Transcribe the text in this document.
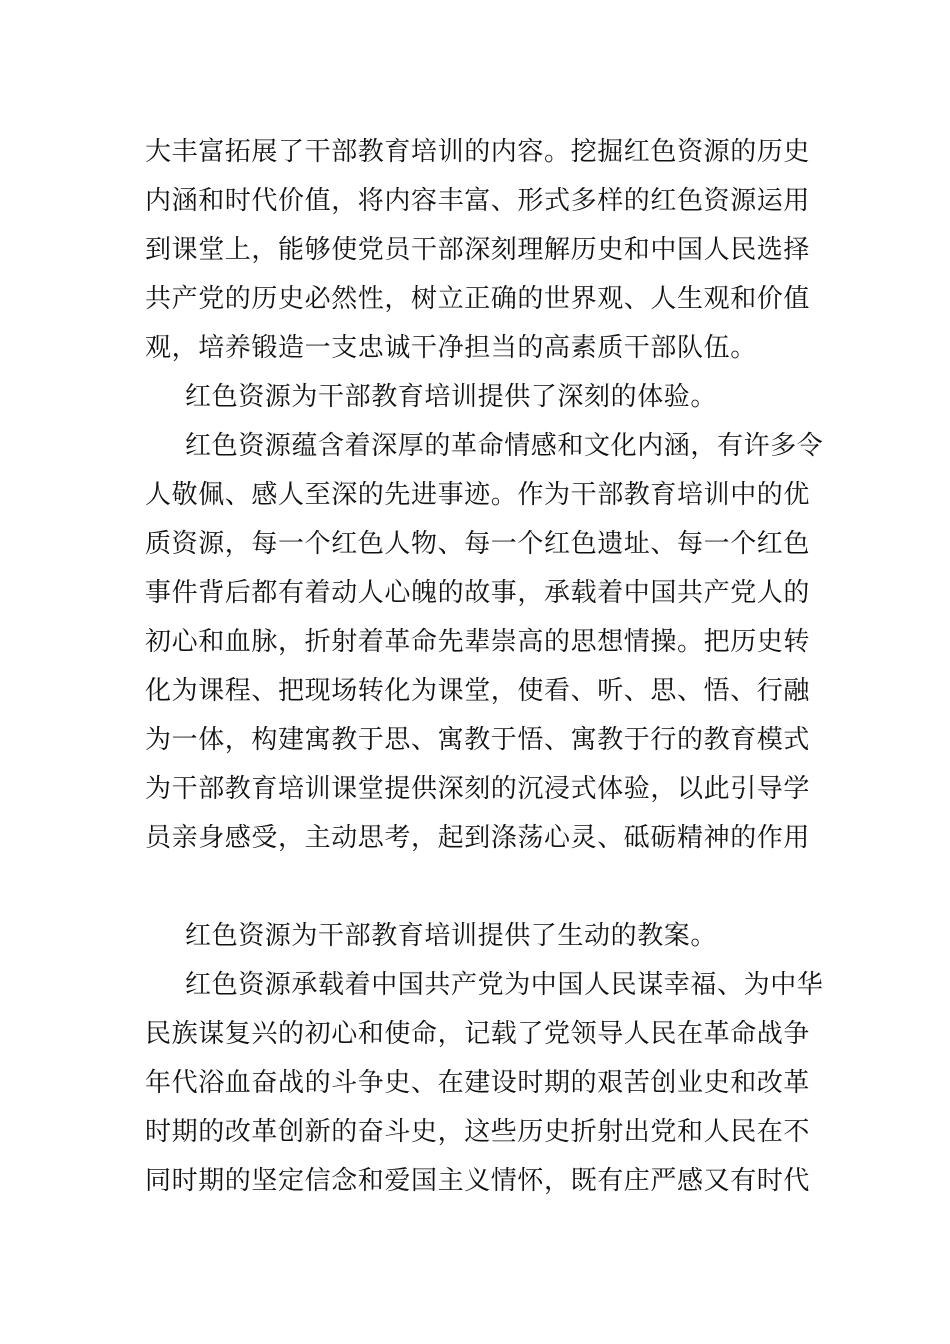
大丰富拓展了干部教育培训的内容。挖掘红色资源的历史
内涵和时代价值，将内容丰富、形式多样的红色资源运用
到课堂上，能够使党员干部深刻理解历史和中国人民选择
共产党的历史必然性，树立正确的世界观、人生观和价值
观，培养锻造一支忠诚干净担当的高素质干部队伍。
红色资源为干部教育培训提供了深刻的体验。
红色资源蕴含着深厚的革命情感和文化内涵，有许多令
人敬佩、感人至深的先进事迹。作为干部教育培训中的优
质资源，每一个红色人物、每一个红色遗址、每一个红色
事件背后都有着动人心魄的故事，承载着中国共产党人的
初心和血脉，折射着革命先辈崇高的思想情操。把历史转
化为课程、把现场转化为课堂，使看、听、思、悟、行融
为一体，构建寓教于思、寓教于悟、寓教于行的教育模式
为干部教育培训课堂提供深刻的沉浸式体验，以此引导学
员亲身感受，主动思考，起到涤荡心灵、砥砺精神的作用
红色资源为干部教育培训提供了生动的教案。
红色资源承载着中国共产党为中国人民谋幸福、为中华
民族谋复兴的初心和使命，记载了党领导人民在革命战争
年代浴血奋战的斗争史、在建设时期的艰苦创业史和改革
时期的改革创新的奋斗史，这些历史折射出党和人民在不
同时期的坚定信念和爱国主义情怀，既有庄严感又有时代
